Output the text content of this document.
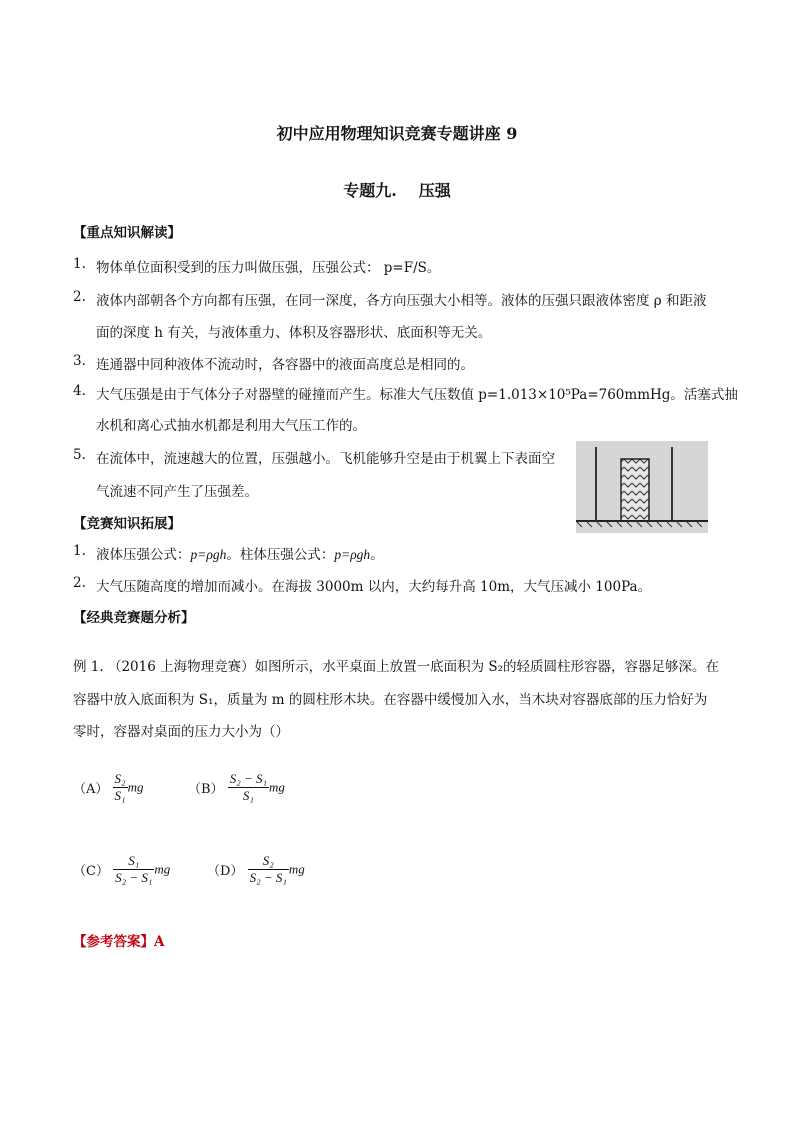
初中应用物理知识竞赛专题讲座 9
专题九. 压强
【重点知识解读】
1. 物体单位面积受到的压力叫做压强，压强公式： p=F/S。
2. 液体内部朝各个方向都有压强，在同一深度，各方向压强大小相等。液体的压强只跟液体密度 ρ 和距液
面的深度 h 有关，与液体重力、体积及容器形状、底面积等无关。
3. 连通器中同种液体不流动时，各容器中的液面高度总是相同的。
4. 大气压强是由于气体分子对器壁的碰撞而产生。标准大气压数值 p=1.013×10⁵Pa=760mmHg。活塞式抽
水机和离心式抽水机都是利用大气压工作的。
5. 在流体中，流速越大的位置，压强越小。飞机能够升空是由于机翼上下表面空
气流速不同产生了压强差。
【竞赛知识拓展】
1. 液体压强公式：p=ρgh。柱体压强公式：p=ρgh。
2. 大气压随高度的增加而减小。在海拔 3000m 以内，大约每升高 10m，大气压减小 100Pa。
【经典竞赛题分析】
例 1. （2016 上海物理竞赛）如图所示，水平桌面上放置一底面积为 S₂的轻质圆柱形容器，容器足够深。在
容器中放入底面积为 S₁，质量为 m 的圆柱形木块。在容器中缓慢加入水，当木块对容器底部的压力恰好为
零时，容器对桌面的压力大小为（）
$(A) \frac{\text{S₂}}{\text{S₁}}$ mg	$(B) \frac{\text{S₂ − S₁}}{\text{S₁}}$ mg
$(C) \frac{\text{S₁}}{\text{S₂ − S₁}}$ mg	$(D) \frac{\text{S₂}}{\text{S₂ − S₁}}$ mg
【参考答案】A
